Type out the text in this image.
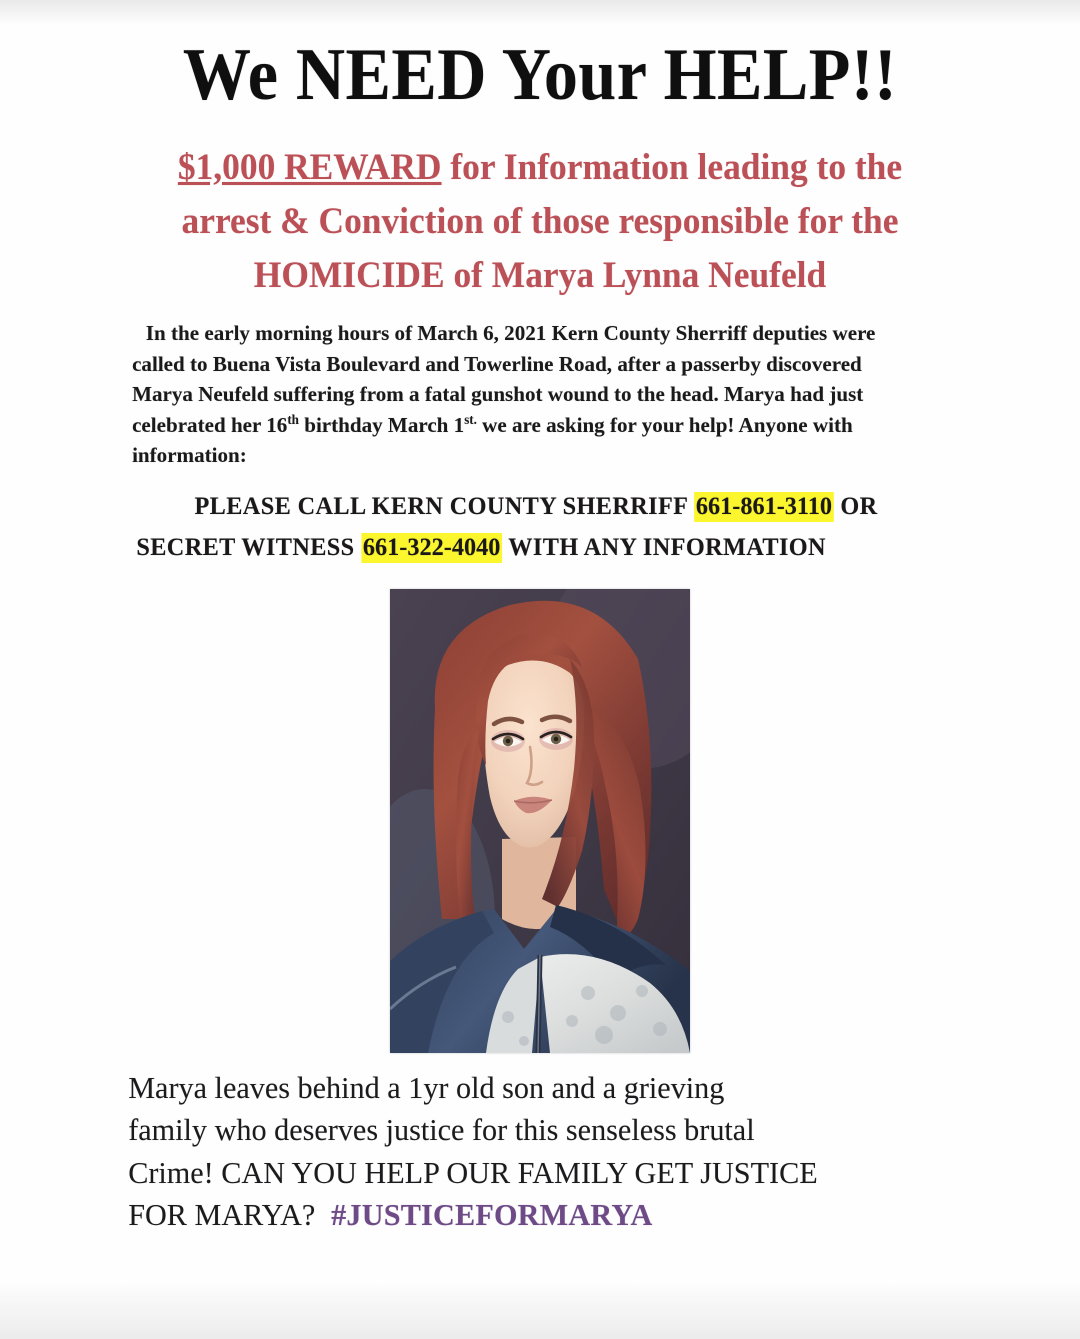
We NEED Your HELP!!
$1,000 REWARD for Information leading to the
arrest & Conviction of those responsible for the
HOMICIDE of Marya Lynna Neufeld
In the early morning hours of March 6, 2021 Kern County Sherriff deputies were called to Buena Vista Boulevard and Towerline Road, after a passerby discovered Marya Neufeld suffering from a fatal gunshot wound to the head. Marya had just celebrated her 16th birthday March $1^{st.}$ we are asking for your help! Anyone with information:
PLEASE CALL KERN COUNTY SHERRIFF 661-861-3110 OR
SECRET WITNESS 661-322-4040 WITH ANY INFORMATION
Marya leaves behind a 1yr old son and a grieving
family who deserves justice for this senseless brutal
Crime! CAN YOU HELP OUR FAMILY GET JUSTICE
FOR MARYA? #JUSTICEFORMARYA
